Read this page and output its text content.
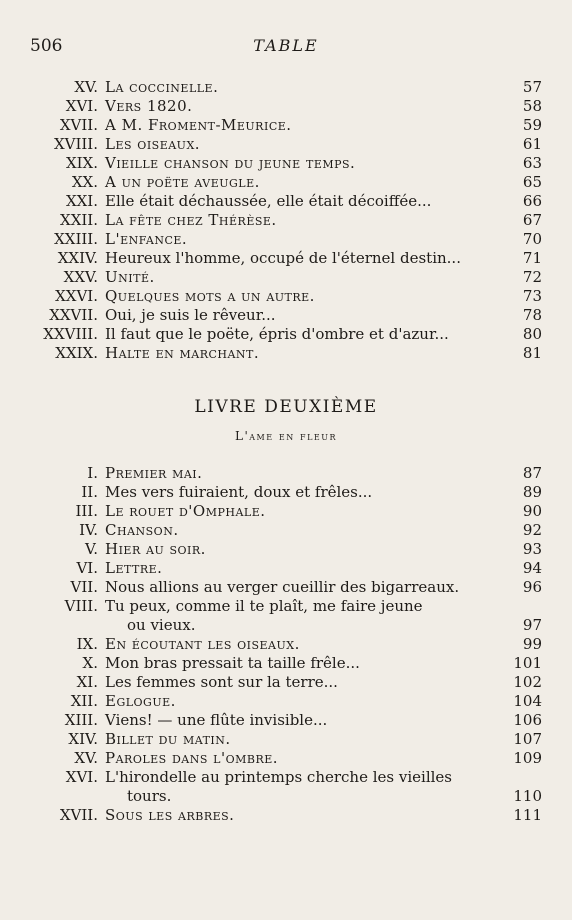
506	TABLE
XV. La coccinelle.	57
XVI. Vers 1820.	58
XVII. A M. Froment-Meurice.	59
XVIII. Les oiseaux.	61
XIX. Vieille chanson du jeune temps.	63
XX. A un poëte aveugle.	65
XXI. Elle était déchaussée, elle était décoiffée...	66
XXII. La fête chez Thérèse.	67
XXIII. L'enfance.	70
XXIV. Heureux l'homme, occupé de l'éternel destin...	71
XXV. Unité.	72
XXVI. Quelques mots a un autre.	73
XXVII. Oui, je suis le rêveur...	78
XXVIII. Il faut que le poëte, épris d'ombre et d'azur...	80
XXIX. Halte en marchant.	81
LIVRE DEUXIÈME
L'ame en fleur
I. Premier mai.	87
II. Mes vers fuiraient, doux et frêles...	89
III. Le rouet d'Omphale.	90
IV. Chanson.	92
V. Hier au soir.	93
VI. Lettre.	94
VII. Nous allions au verger cueillir des bigarreaux.	96
VIII. Tu peux, comme il te plaît, me faire jeune
ou vieux.	97
IX. En écoutant les oiseaux.	99
X. Mon bras pressait ta taille frêle...	101
XI. Les femmes sont sur la terre...	102
XII. Eglogue.	104
XIII. Viens! — une flûte invisible...	106
XIV. Billet du matin.	107
XV. Paroles dans l'ombre.	109
XVI. L'hirondelle au printemps cherche les vieilles
tours.	110
XVII. Sous les arbres.	111
